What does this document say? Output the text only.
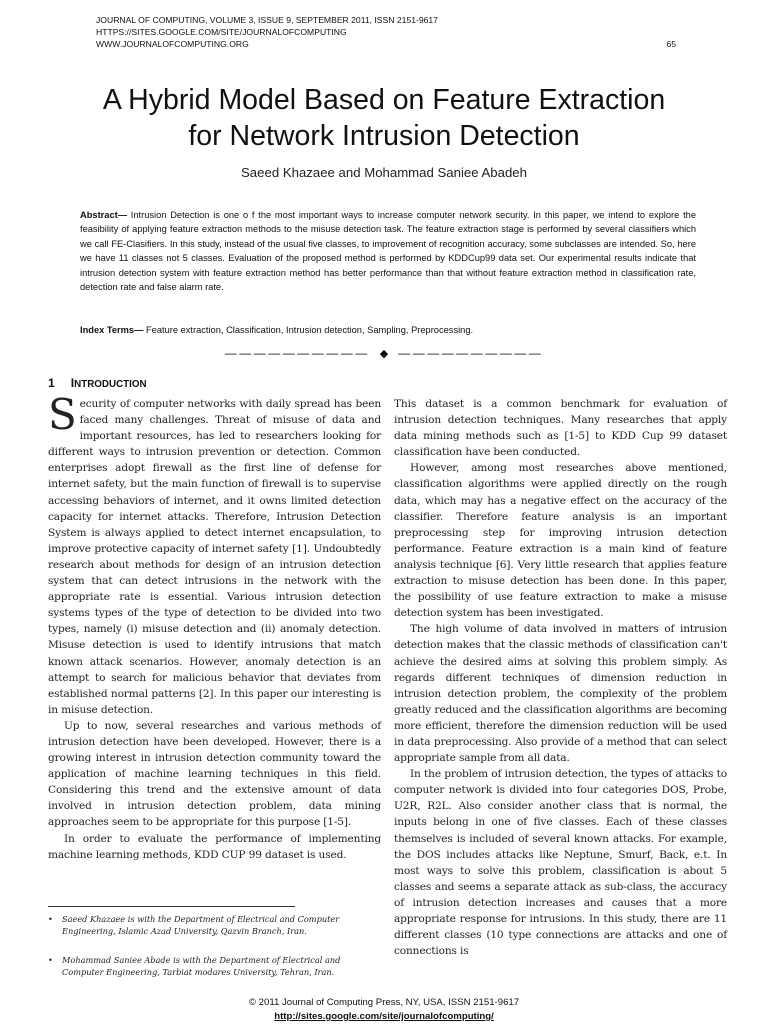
JOURNAL OF COMPUTING, VOLUME 3, ISSUE 9, SEPTEMBER 2011, ISSN 2151-9617
HTTPS://SITES.GOOGLE.COM/SITE/JOURNALOFCOMPUTING
WWW.JOURNALOFCOMPUTING.ORG	65
A Hybrid Model Based on Feature Extraction
for Network Intrusion Detection
Saeed Khazaee and Mohammad Saniee Abadeh
Abstract— Intrusion Detection is one o f the most important ways to increase computer network security. In this paper, we intend to explore the feasibility of applying feature extraction methods to the misuse detection task. The feature extraction stage is performed by several classifiers which we call FE-Clasifiers. In this study, instead of the usual five classes, to improvement of recognition accuracy, some subclasses are intended. So, here we have 11 classes not 5 classes. Evaluation of the proposed method is performed by KDDCup99 data set. Our experimental results indicate that intrusion detection system with feature extraction method has better performance than that without feature extraction method in classification rate, detection rate and false alarm rate.
Index Terms— Feature extraction, Classification, Intrusion detection, Sampling, Preprocessing.
—————————— ◆ ——————————
1 INTRODUCTION

Security of computer networks with daily spread has been faced many challenges. Threat of misuse of data and important resources, has led to researchers looking for different ways to intrusion prevention or detection. Common enterprises adopt firewall as the first line of defense for internet safety, but the main function of firewall is to supervise accessing behaviors of internet, and it owns limited detection capacity for internet attacks. Therefore, Intrusion Detection System is always applied to detect internet encapsulation, to improve protective capacity of internet safety [1]. Undoubtedly research about methods for design of an intrusion detection system that can detect intrusions in the network with the appropriate rate is essential. Various intrusion detection systems types of the type of detection to be divided into two types, namely (i) misuse detection and (ii) anomaly detection. Misuse detection is used to identify intrusions that match known attack scenarios. However, anomaly detection is an attempt to search for malicious behavior that deviates from established normal patterns [2]. In this paper our interesting is in misuse detection.

Up to now, several researches and various methods of intrusion detection have been developed. However, there is a growing interest in intrusion detection community toward the application of machine learning techniques in this field. Considering this trend and the extensive amount of data involved in intrusion detection problem, data mining approaches seem to be appropriate for this purpose [1-5].

In order to evaluate the performance of implementing machine learning methods, KDD CUP 99 dataset is used.

This dataset is a common benchmark for evaluation of intrusion detection techniques. Many researches that apply data mining methods such as [1-5] to KDD Cup 99 dataset classification have been conducted.

However, among most researches above mentioned, classification algorithms were applied directly on the rough data, which may has a negative effect on the accuracy of the classifier. Therefore feature analysis is an important preprocessing step for improving intrusion detection performance. Feature extraction is a main kind of feature analysis technique [6]. Very little research that applies feature extraction to misuse detection has been done. In this paper, the possibility of use feature extraction to make a misuse detection system has been investigated.

The high volume of data involved in matters of intrusion detection makes that the classic methods of classification can't achieve the desired aims at solving this problem simply. As regards different techniques of dimension reduction in intrusion detection problem, the complexity of the problem greatly reduced and the classification algorithms are becoming more efficient, therefore the dimension reduction will be used in data preprocessing. Also provide of a method that can select appropriate sample from all data.

In the problem of intrusion detection, the types of attacks to computer network is divided into four categories DOS, Probe, U2R, R2L. Also consider another class that is normal, the inputs belong in one of five classes. Each of these classes themselves is included of several known attacks. For example, the DOS includes attacks like Neptune, Smurf, Back, e.t. In most ways to solve this problem, classification is about 5 classes and seems a separate attack as sub-class, the accuracy of intrusion detection increases and causes that a more appropriate response for intrusions. In this study, there are 11 different classes (10 type connections are attacks and one of connections is

• Saeed Khazaee is with the Department of Electrical and Computer Engineering, Islamic Azad University, Qazvin Branch, Iran.
• Mohammad Saniee Abade is with the Department of Electrical and Computer Engineering, Tarbiat modares University, Tehran, Iran.
© 2011 Journal of Computing Press, NY, USA, ISSN 2151-9617
http://sites.google.com/site/journalofcomputing/
